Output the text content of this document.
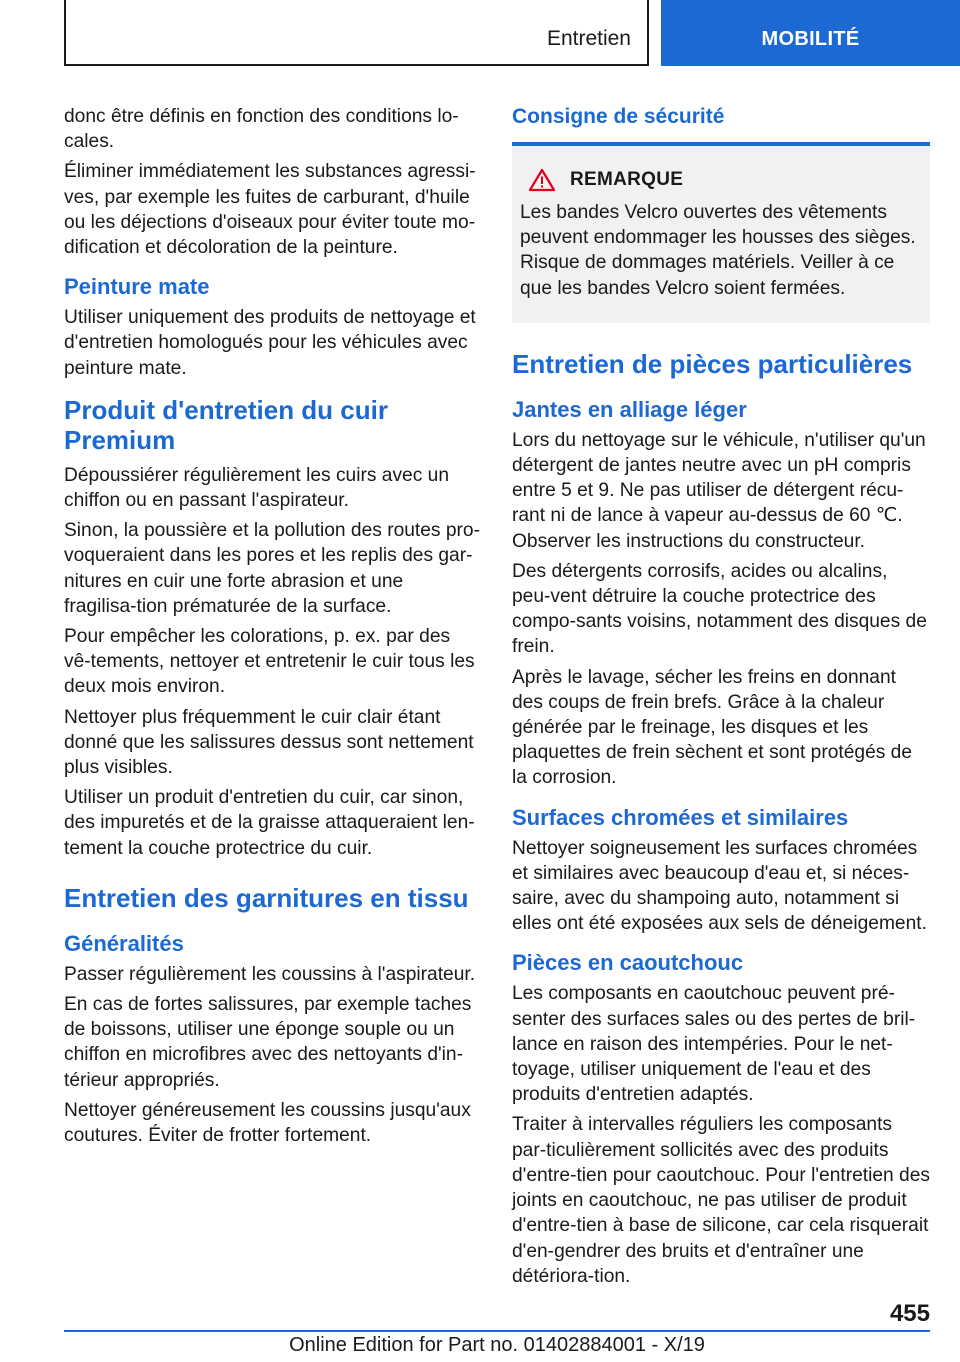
Entretien	MOBILITÉ

donc être définis en fonction des conditions lo‐cales.

Éliminer immédiatement les substances agressi‐ves, par exemple les fuites de carburant, d'huile ou les déjections d'oiseaux pour éviter toute mo‐dification et décoloration de la peinture.

Peinture mate

Utiliser uniquement des produits de nettoyage et d'entretien homologués pour les véhicules avec peinture mate.

Produit d'entretien du cuir Premium

Dépoussiérer régulièrement les cuirs avec un chiffon ou en passant l'aspirateur.

Sinon, la poussière et la pollution des routes pro‐voqueraient dans les pores et les replis des gar‐nitures en cuir une forte abrasion et une fragilisa‐tion prématurée de la surface.

Pour empêcher les colorations, p. ex. par des vê‐tements, nettoyer et entretenir le cuir tous les deux mois environ.

Nettoyer plus fréquemment le cuir clair étant donné que les salissures dessus sont nettement plus visibles.

Utiliser un produit d'entretien du cuir, car sinon, des impuretés et de la graisse attaqueraient len‐tement la couche protectrice du cuir.

Entretien des garnitures en tissu
Généralités

Passer régulièrement les coussins à l'aspirateur.

En cas de fortes salissures, par exemple taches de boissons, utiliser une éponge souple ou un chiffon en microfibres avec des nettoyants d'in‐térieur appropriés.

Nettoyer généreusement les coussins jusqu'aux coutures. Éviter de frotter fortement.

Consigne de sécurité
REMARQUE

Les bandes Velcro ouvertes des vêtements peuvent endommager les housses des sièges. Risque de dommages matériels. Veiller à ce que les bandes Velcro soient fermées.

Entretien de pièces particulières
Jantes en alliage léger

Lors du nettoyage sur le véhicule, n'utiliser qu'un détergent de jantes neutre avec un pH compris entre 5 et 9. Ne pas utiliser de détergent récu‐rant ni de lance à vapeur au-dessus de 60 ℃. Observer les instructions du constructeur.

Des détergents corrosifs, acides ou alcalins, peu‐vent détruire la couche protectrice des compo‐sants voisins, notamment des disques de frein.

Après le lavage, sécher les freins en donnant des coups de frein brefs. Grâce à la chaleur générée par le freinage, les disques et les plaquettes de frein sèchent et sont protégés de la corrosion.

Surfaces chromées et similaires

Nettoyer soigneusement les surfaces chromées et similaires avec beaucoup d'eau et, si néces‐saire, avec du shampoing auto, notamment si elles ont été exposées aux sels de déneigement.

Pièces en caoutchouc

Les composants en caoutchouc peuvent pré‐senter des surfaces sales ou des pertes de bril‐lance en raison des intempéries. Pour le net‐toyage, utiliser uniquement de l'eau et des produits d'entretien adaptés.

Traiter à intervalles réguliers les composants par‐ticulièrement sollicités avec des produits d'entre‐tien pour caoutchouc. Pour l'entretien des joints en caoutchouc, ne pas utiliser de produit d'entre‐tien à base de silicone, car cela risquerait d'en‐gendrer des bruits et d'entraîner une détériora‐tion.

455
Online Edition for Part no. 01402884001 - X/19
